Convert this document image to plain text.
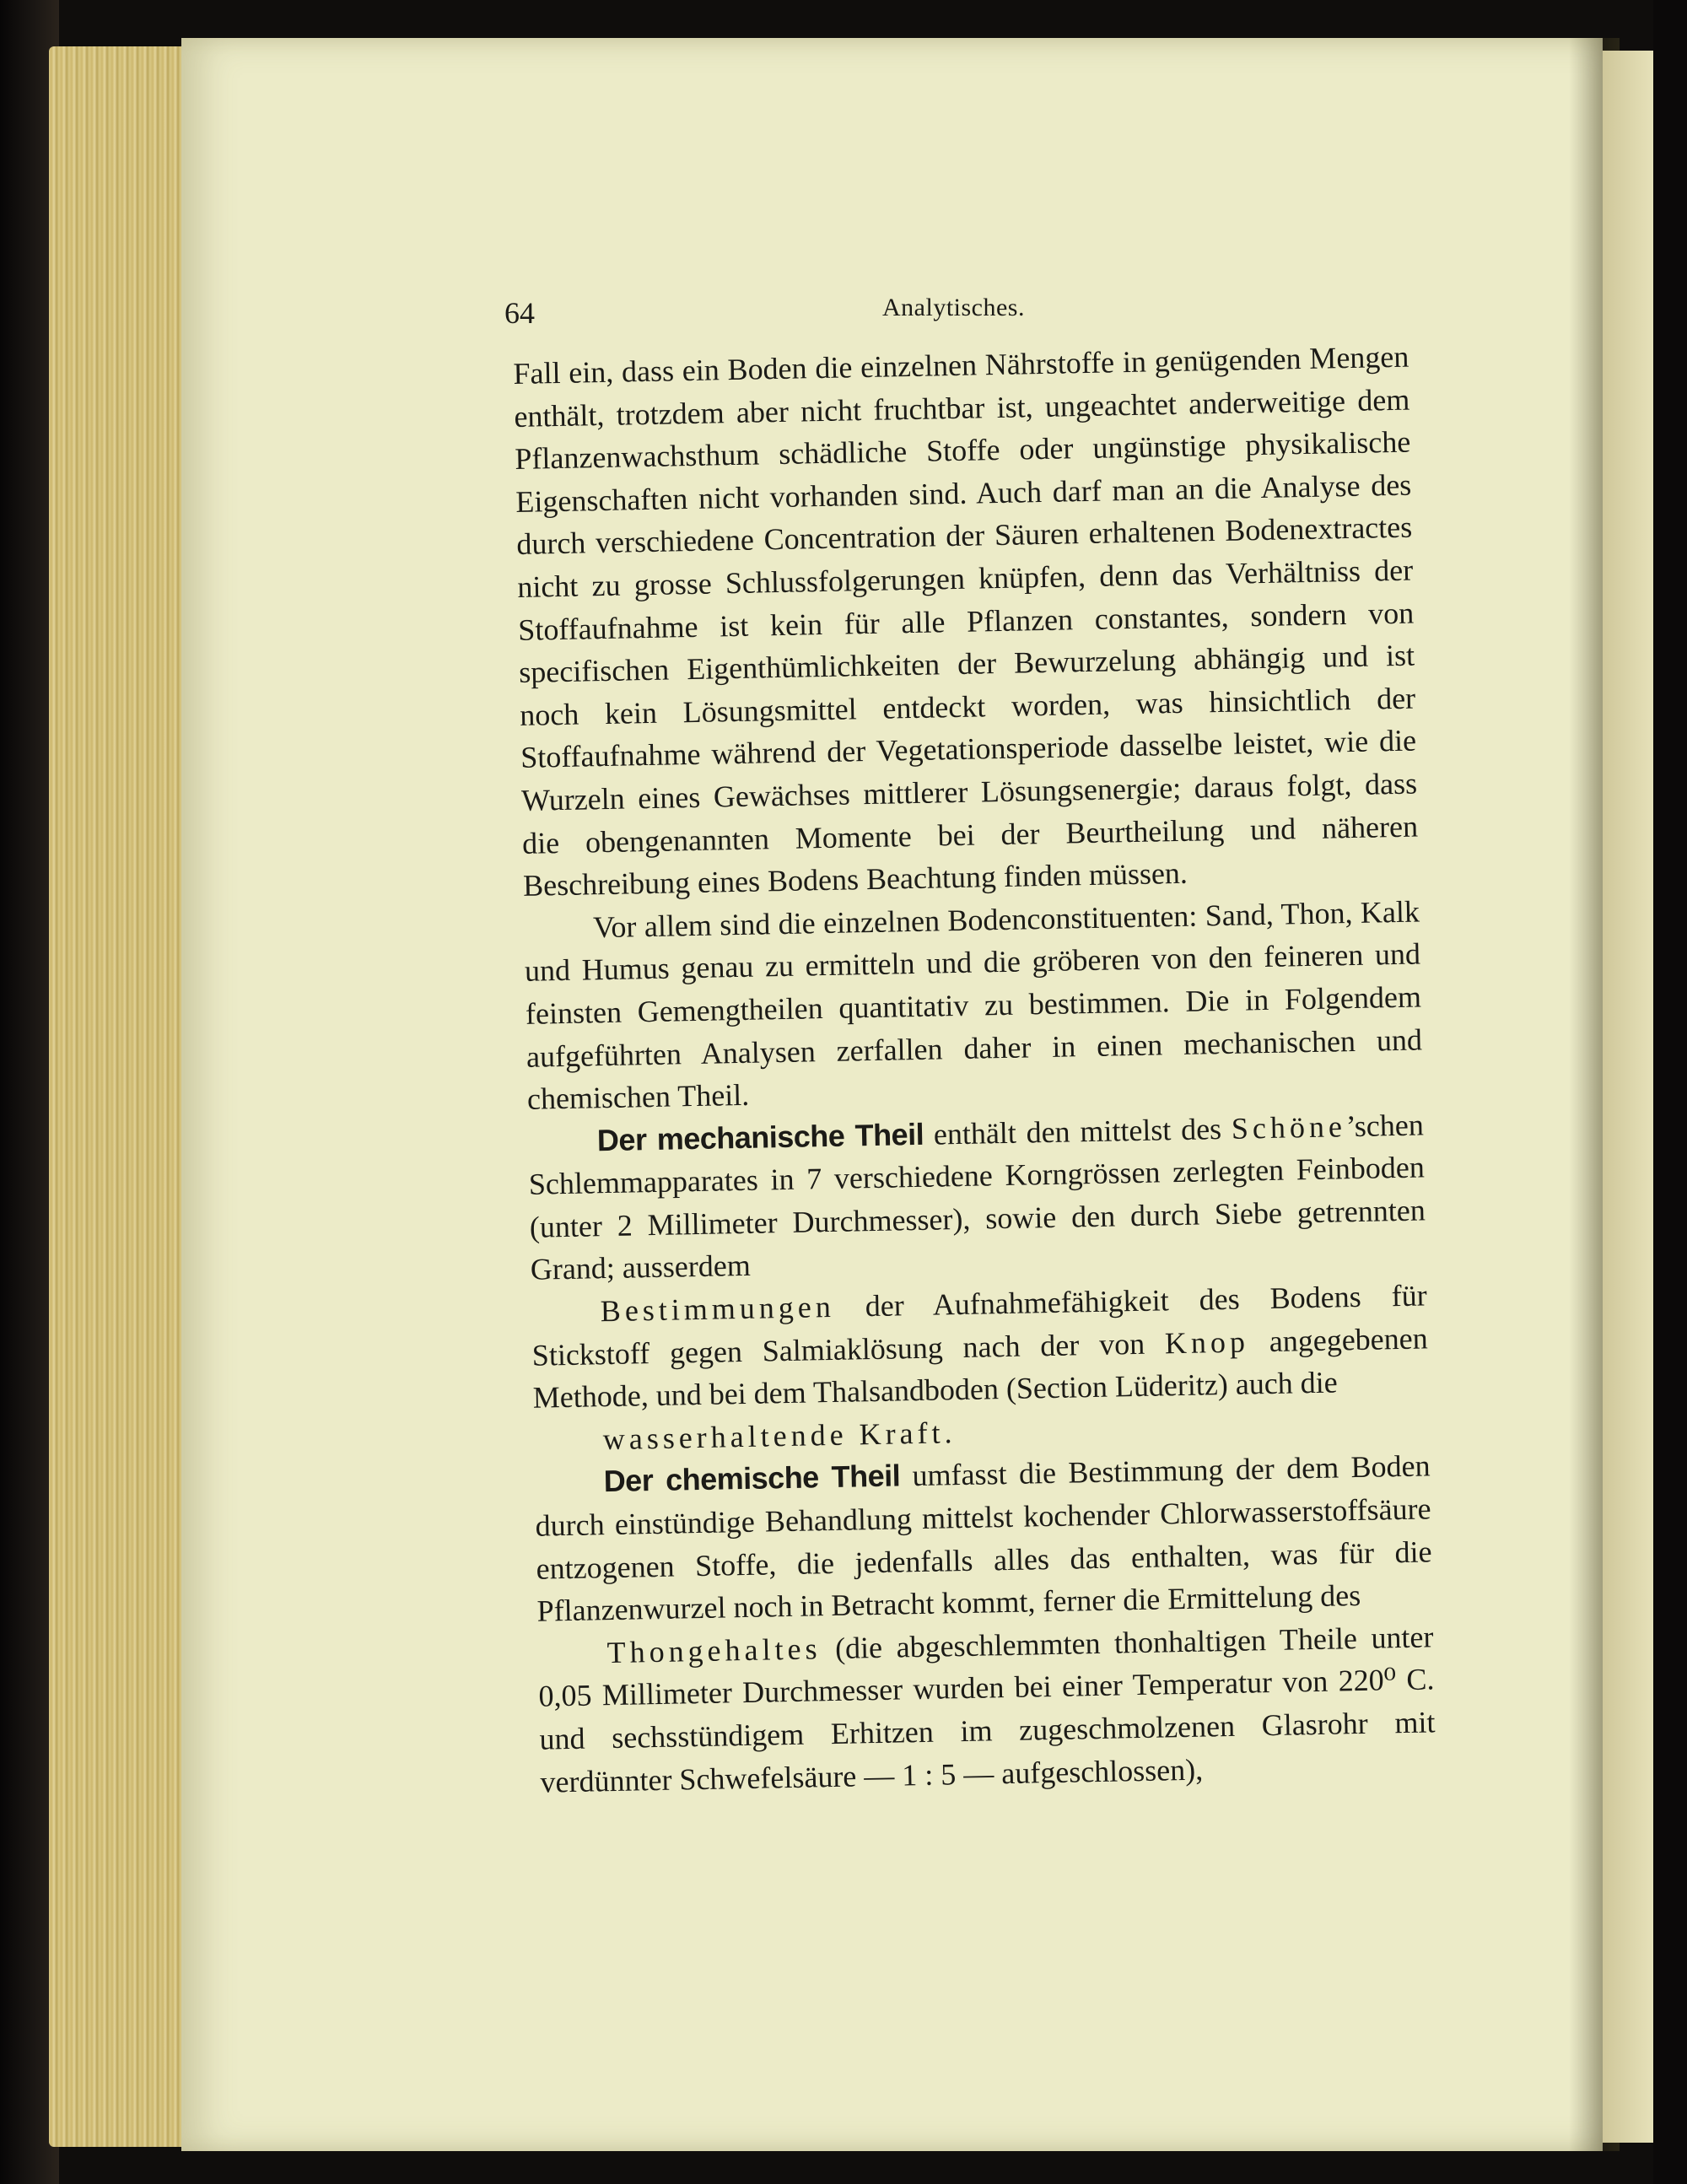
64	Analytisches.

Fall ein, dass ein Boden die einzelnen Nährstoffe in genügenden Mengen enthält, trotzdem aber nicht fruchtbar ist, ungeachtet anderweitige dem Pflanzenwachsthum schädliche Stoffe oder ungünstige physikalische Eigenschaften nicht vorhanden sind. Auch darf man an die Analyse des durch verschiedene Concentration der Säuren erhaltenen Bodenextractes nicht zu grosse Schlussfolgerungen knüpfen, denn das Verhältniss der Stoffaufnahme ist kein für alle Pflanzen constantes, sondern von specifischen Eigenthümlichkeiten der Bewurzelung abhängig und ist noch kein Lösungsmittel entdeckt worden, was hinsichtlich der Stoffaufnahme während der Vegetationsperiode dasselbe leistet, wie die Wurzeln eines Gewächses mittlerer Lösungsenergie; daraus folgt, dass die obengenannten Momente bei der Beurtheilung und näheren Beschreibung eines Bodens Beachtung finden müssen.

Vor allem sind die einzelnen Bodenconstituenten: Sand, Thon, Kalk und Humus genau zu ermitteln und die gröberen von den feineren und feinsten Gemengtheilen quantitativ zu bestimmen. Die in Folgendem aufgeführten Analysen zerfallen daher in einen mechanischen und chemischen Theil.

Der mechanische Theil enthält den mittelst des Schöne’schen Schlemmapparates in 7 verschiedene Korngrössen zerlegten Feinboden (unter 2 Millimeter Durchmesser), sowie den durch Siebe getrennten Grand; ausserdem

Bestimmungen der Aufnahmefähigkeit des Bodens für Stickstoff gegen Salmiaklösung nach der von Knop angegebenen Methode, und bei dem Thalsandboden (Section Lüderitz) auch die

wasserhaltende Kraft.

Der chemische Theil umfasst die Bestimmung der dem Boden durch einstündige Behandlung mittelst kochender Chlorwasserstoffsäure entzogenen Stoffe, die jedenfalls alles das enthalten, was für die Pflanzenwurzel noch in Betracht kommt, ferner die Ermittelung des

Thongehaltes (die abgeschlemmten thonhaltigen Theile unter 0,05 Millimeter Durchmesser wurden bei einer Temperatur von 220⁰ C. und sechsstündigem Erhitzen im zugeschmolzenen Glasrohr mit verdünnter Schwefelsäure — 1 : 5 — aufgeschlossen),
